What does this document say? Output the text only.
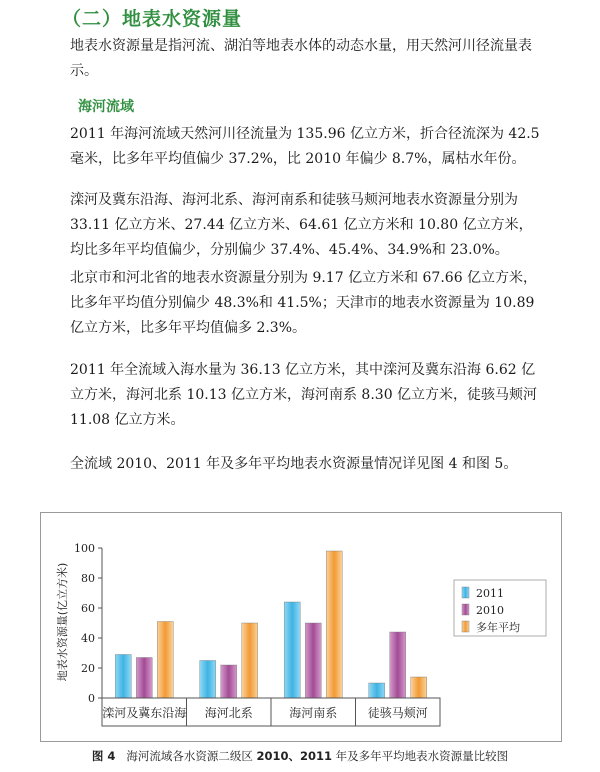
（二）地表水资源量

地表水资源量是指河流、湖泊等地表水体的动态水量，用天然河川径流量表示。

海河流域

2011 年海河流域天然河川径流量为 135.96 亿立方米，折合径流深为 42.5 毫米，比多年平均值偏少 37.2%，比 2010 年偏少 8.7%，属枯水年份。

滦河及冀东沿海、海河北系、海河南系和徒骇马颊河地表水资源量分别为 33.11 亿立方米、27.44 亿立方米、64.61 亿立方米和 10.80 亿立方米，均比多年平均值偏少，分别偏少 37.4%、45.4%、34.9%和 23.0%。

北京市和河北省的地表水资源量分别为 9.17 亿立方米和 67.66 亿立方米，比多年平均值分别偏少 48.3%和 41.5%；天津市的地表水资源量为 10.89 亿立方米，比多年平均值偏多 2.3%。

2011 年全流域入海水量为 36.13 亿立方米，其中滦河及冀东沿海 6.62 亿立方米，海河北系 10.13 亿立方米，海河南系 8.30 亿立方米，徒骇马颊河 11.08 亿立方米。

全流域 2010、2011 年及多年平均地表水资源量情况详见图 4 和图 5。

地表水资源量(亿立方米)
0
20
40
60
80
100
滦河及冀东沿海 海河北系	海河南系	徒骇马颊河
2011
2010
多年平均
图 4 海河流域各水资源二级区 2010、2011 年及多年平均地表水资源量比较图
